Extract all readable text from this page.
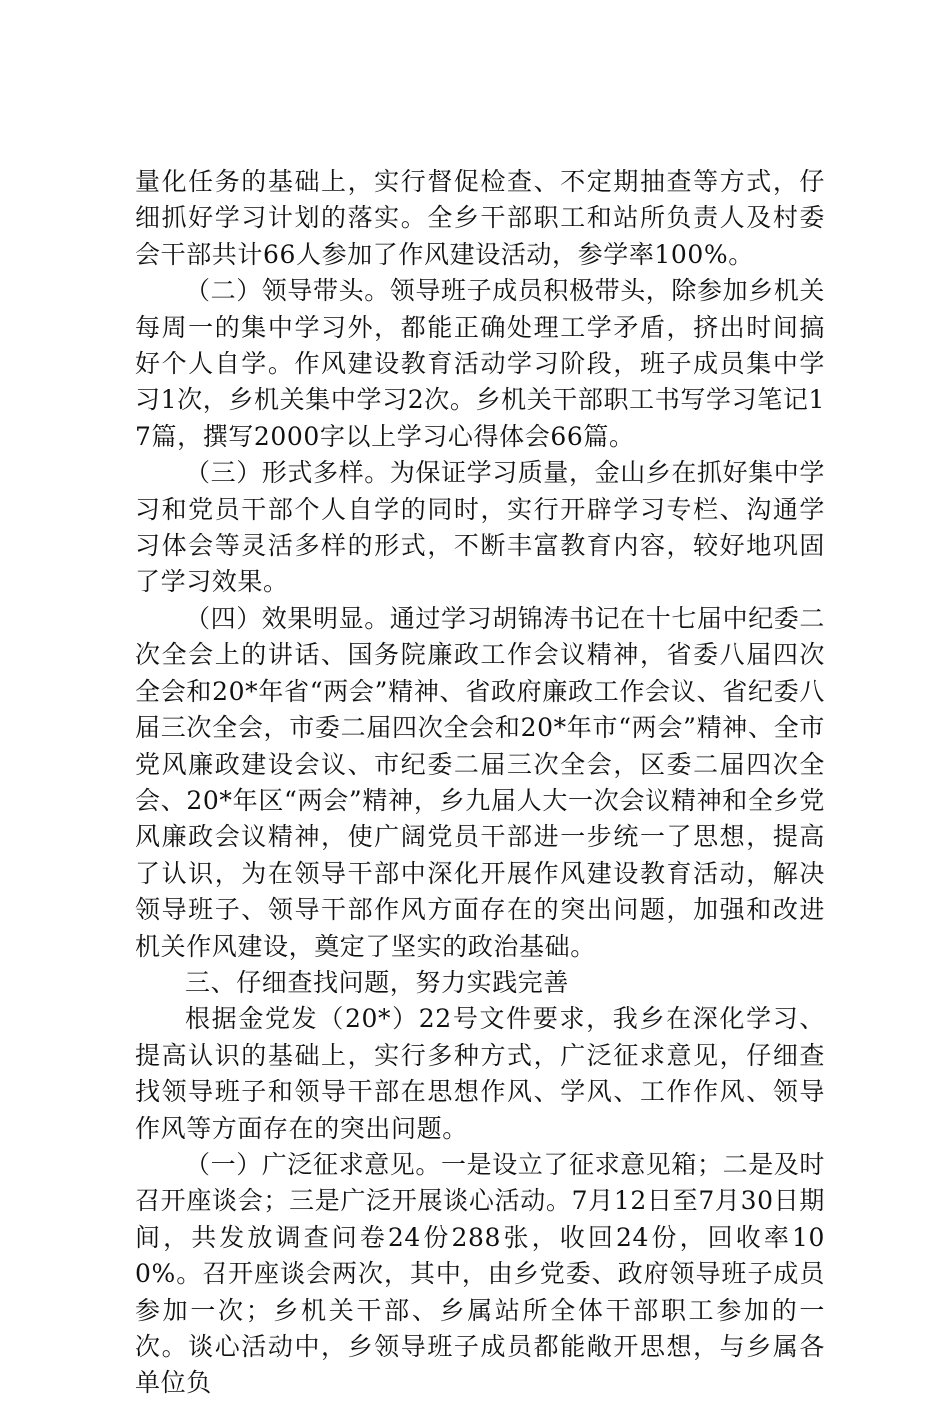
量化任务的基础上，实行督促检查、不定期抽查等方式，仔细抓好学习计划的落实。全乡干部职工和站所负责人及村委会干部共计66人参加了作风建设活动，参学率100%。

（二）领导带头。领导班子成员积极带头，除参加乡机关每周一的集中学习外，都能正确处理工学矛盾，挤出时间搞好个人自学。作风建设教育活动学习阶段，班子成员集中学习1次，乡机关集中学习2次。乡机关干部职工书写学习笔记17篇，撰写2000字以上学习心得体会66篇。

（三）形式多样。为保证学习质量，金山乡在抓好集中学习和党员干部个人自学的同时，实行开辟学习专栏、沟通学习体会等灵活多样的形式，不断丰富教育内容，较好地巩固了学习效果。

（四）效果明显。通过学习胡锦涛书记在十七届中纪委二次全会上的讲话、国务院廉政工作会议精神，省委八届四次全会和20*年省“两会”精神、省政府廉政工作会议、省纪委八届三次全会，市委二届四次全会和20*年市“两会”精神、全市党风廉政建设会议、市纪委二届三次全会，区委二届四次全会、20*年区“两会”精神，乡九届人大一次会议精神和全乡党风廉政会议精神，使广阔党员干部进一步统一了思想，提高了认识，为在领导干部中深化开展作风建设教育活动，解决领导班子、领导干部作风方面存在的突出问题，加强和改进机关作风建设，奠定了坚实的政治基础。

三、仔细查找问题，努力实践完善

根据金党发（20*）22号文件要求，我乡在深化学习、提高认识的基础上，实行多种方式，广泛征求意见，仔细查找领导班子和领导干部在思想作风、学风、工作作风、领导作风等方面存在的突出问题。

（一）广泛征求意见。一是设立了征求意见箱；二是及时召开座谈会；三是广泛开展谈心活动。7月12日至7月30日期间，共发放调查问卷24份288张，收回24份，回收率100%。召开座谈会两次，其中，由乡党委、政府领导班子成员参加一次；乡机关干部、乡属站所全体干部职工参加的一次。谈心活动中，乡领导班子成员都能敞开思想，与乡属各单位负
